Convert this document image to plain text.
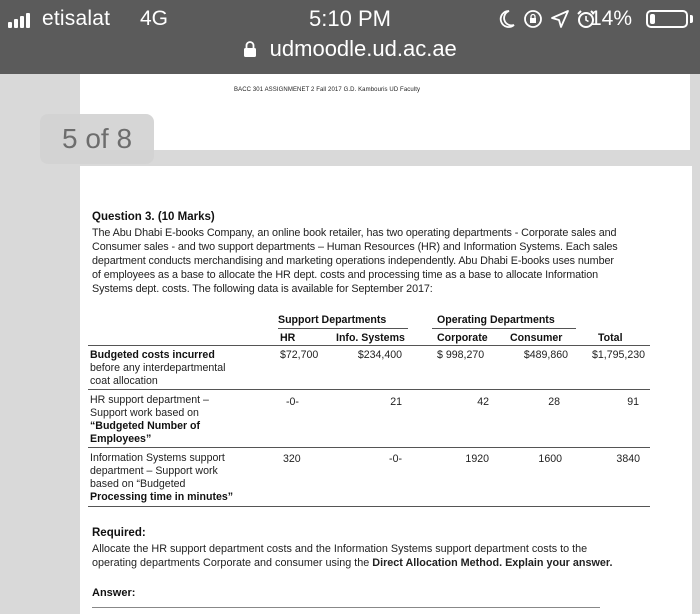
etisalat 4G	5:10 PM	14%
udmoodle.ud.ac.ae
BACC 301 ASSIGNMENET 2 Fall 2017 G.D. Kambouris UD Faculty
5 of 8
Question 3. (10 Marks)
The Abu Dhabi E-books Company, an online book retailer, has two operating departments - Corporate sales and
Consumer sales - and two support departments – Human Resources (HR) and Information Systems. Each sales
department conducts merchandising and marketing operations independently. Abu Dhabi E-books uses number
of employees as a base to allocate the HR dept. costs and processing time as a base to allocate Information
Systems dept. costs. The following data is available for September 2017:
Support Departments	Operating Departments
HR	Info. Systems	Corporate Consumer	Total
Budgeted costs incurred
before any interdepartmental
coat allocation
$72,700	$234,400	$ 998,270	$489,860	$1,795,230
HR support department –
Support work based on
“Budgeted Number of
Employees”
-0-	21	42	28	91
Information Systems support
department – Support work
based on “Budgeted
Processing time in minutes”
320	-0-	1920	1600	3840
Required:
Allocate the HR support department costs and the Information Systems support department costs to the
operating departments Corporate and consumer using the Direct Allocation Method. Explain your answer.
Answer:
